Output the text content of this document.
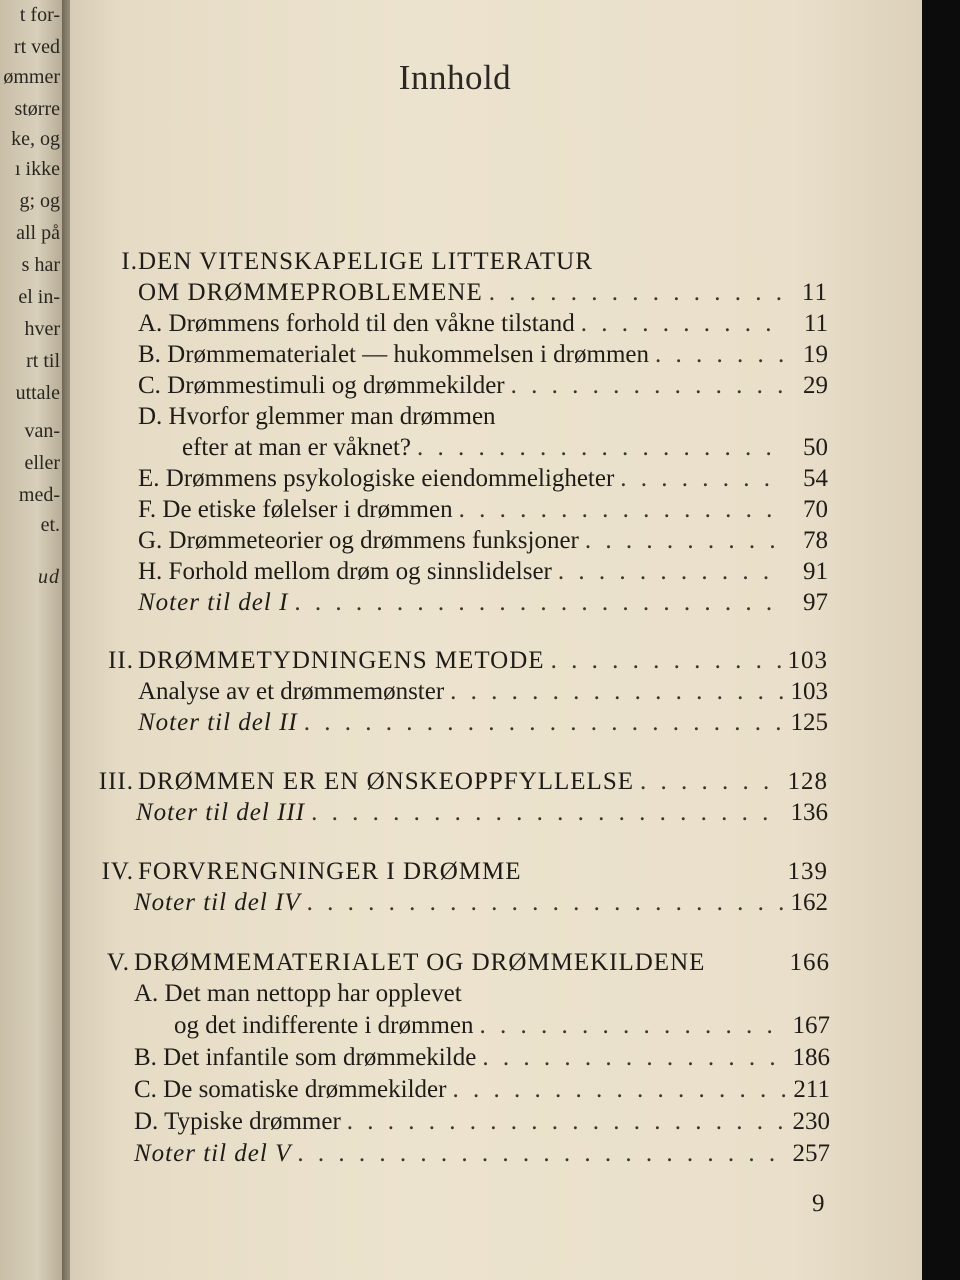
t for-
rt ved
ømmer
større
ke, og
ı ikke
g; og
all på
s har
el in-
hver
rt til
uttale
van-
eller
med-
et.
ud
Innhold
I. DEN VITENSKAPELIGE LITTERATUR
OM DRØMMEPROBLEMENE . . .	11
A. Drømmens forhold til den våkne tilstand . . .	11
B. Drømmematerialet — hukommelsen i drømmen . . .	19
C. Drømmestimuli og drømmekilder . . .	29
D. Hvorfor glemmer man drømmen
efter at man er våknet? . . .	50
E. Drømmens psykologiske eiendommeligheter . . .	54
F. De etiske følelser i drømmen . . .	70
G. Drømmeteorier og drømmens funksjoner . . .	78
H. Forhold mellom drøm og sinnslidelser . . .	91
Noter til del I . . .	97
II. DRØMMETYDNINGENS METODE . . .	103
Analyse av et drømmemønster . . .	103
Noter til del II . . .	125
III. DRØMMEN ER EN ØNSKEOPPFYLLELSE . . .	128
Noter til del III . . .	136
IV. FORVRENGNINGER I DRØMME	139
Noter til del IV . . .	162
V. DRØMMEMATERIALET OG DRØMMEKILDENE	166
A. Det man nettopp har opplevet
og det indifferente i drømmen . . .	167
B. Det infantile som drømmekilde . . .	186
C. De somatiske drømmekilder . . .	211
D. Typiske drømmer . . .	230
Noter til del V . . .	257
9
